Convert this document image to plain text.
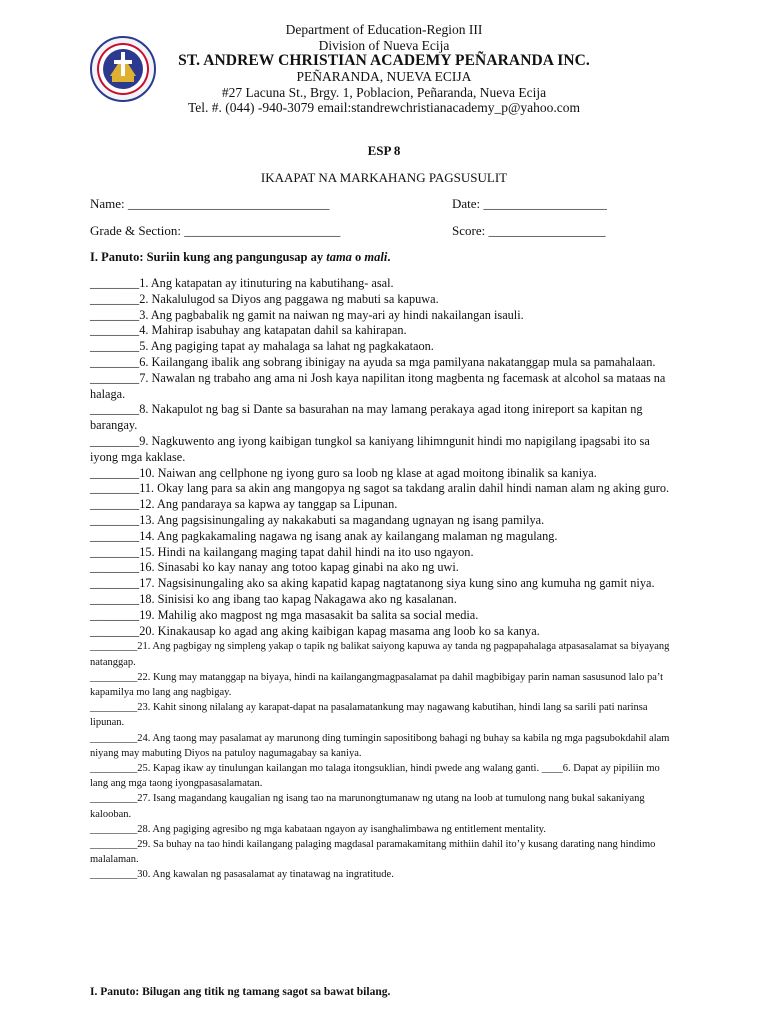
Department of Education-Region III
Division of Nueva Ecija
ST. ANDREW CHRISTIAN ACADEMY PEÑARANDA INC.
PEÑARANDA, NUEVA ECIJA
#27 Lacuna St., Brgy. 1, Poblacion, Peñaranda, Nueva Ecija
Tel. #. (044) -940-3079 email:standrewchristianacademy_p@yahoo.com
ESP 8
IKAAPAT NA MARKAHANG PAGSUSULIT
Name: _______________________________	Date: ___________________
Grade & Section: ________________________	Score: __________________
I. Panuto: Suriin kung ang pangungusap ay tama o mali.
________1. Ang katapatan ay itinuturing na kabutihang- asal.
________2. Nakalulugod sa Diyos ang paggawa ng mabuti sa kapuwa.
________3. Ang pagbabalik ng gamit na naiwan ng may-ari ay hindi nakailangan isauli.
________4. Mahirap isabuhay ang katapatan dahil sa kahirapan.
________5. Ang pagiging tapat ay mahalaga sa lahat ng pagkakataon.
________6. Kailangang ibalik ang sobrang ibinigay na ayuda sa mga pamilyana nakatanggap mula sa pamahalaan.
________7. Nawalan ng trabaho ang ama ni Josh kaya napilitan itong magbenta ng facemask at alcohol sa mataas na halaga.
________8. Nakapulot ng bag si Dante sa basurahan na may lamang perakaya agad itong inireport sa kapitan ng barangay.
________9. Nagkuwento ang iyong kaibigan tungkol sa kaniyang lihimngunit hindi mo napigilang ipagsabi ito sa iyong mga kaklase.
________10. Naiwan ang cellphone ng iyong guro sa loob ng klase at agad moitong ibinalik sa kaniya.
________11. Okay lang para sa akin ang mangopya ng sagot sa takdang aralin dahil hindi naman alam ng aking guro.
________12. Ang pandaraya sa kapwa ay tanggap sa Lipunan.
________13. Ang pagsisinungaling ay nakakabuti sa magandang ugnayan ng isang pamilya.
________14. Ang pagkakamaling nagawa ng isang anak ay kailangang malaman ng magulang.
________15. Hindi na kailangang maging tapat dahil hindi na ito uso ngayon.
________16. Sinasabi ko kay nanay ang totoo kapag ginabi na ako ng uwi.
________17. Nagsisinungaling ako sa aking kapatid kapag nagtatanong siya kung sino ang kumuha ng gamit niya.
________18. Sinisisi ko ang ibang tao kapag Nakagawa ako ng kasalanan.
________19. Mahilig ako magpost ng mga masasakit ba salita sa social media.
________20. Kinakausap ko agad ang aking kaibigan kapag masama ang loob ko sa kanya.
_________21. Ang pagbigay ng simpleng yakap o tapik ng balikat saiyong kapuwa ay tanda ng pagpapahalaga atpasasalamat sa biyayang natanggap.
_________22. Kung may matanggap na biyaya, hindi na kailangangmagpasalamat pa dahil magbibigay parin naman sasusunod lalo pa’t kapamilya mo lang ang nagbigay.
_________23. Kahit sinong nilalang ay karapat-dapat na pasalamatankung may nagawang kabutihan, hindi lang sa sarili pati narinsa lipunan.
_________24. Ang taong may pasalamat ay marunong ding tumingin sapositibong bahagi ng buhay sa kabila ng mga pagsubokdahil alam niyang may mabuting Diyos na patuloy nagumagabay sa kaniya.
_________25. Kapag ikaw ay tinulungan kailangan mo talaga itongsuklian, hindi pwede ang walang ganti. ____6. Dapat ay pipiliin mo lang ang mga taong iyongpasasalamatan.
_________27. Isang magandang kaugalian ng isang tao na marunongtumanaw ng utang na loob at tumulong nang bukal sakaniyang kalooban.
_________28. Ang pagiging agresibo ng mga kabataan ngayon ay isanghalimbawa ng entitlement mentality.
_________29. Sa buhay na tao hindi kailangang palaging magdasal paramakamitang mithiin dahil ito’y kusang darating nang hindimo malalaman.
_________30. Ang kawalan ng pasasalamat ay tinatawag na ingratitude.
I. Panuto: Bilugan ang titik ng tamang sagot sa bawat bilang.
